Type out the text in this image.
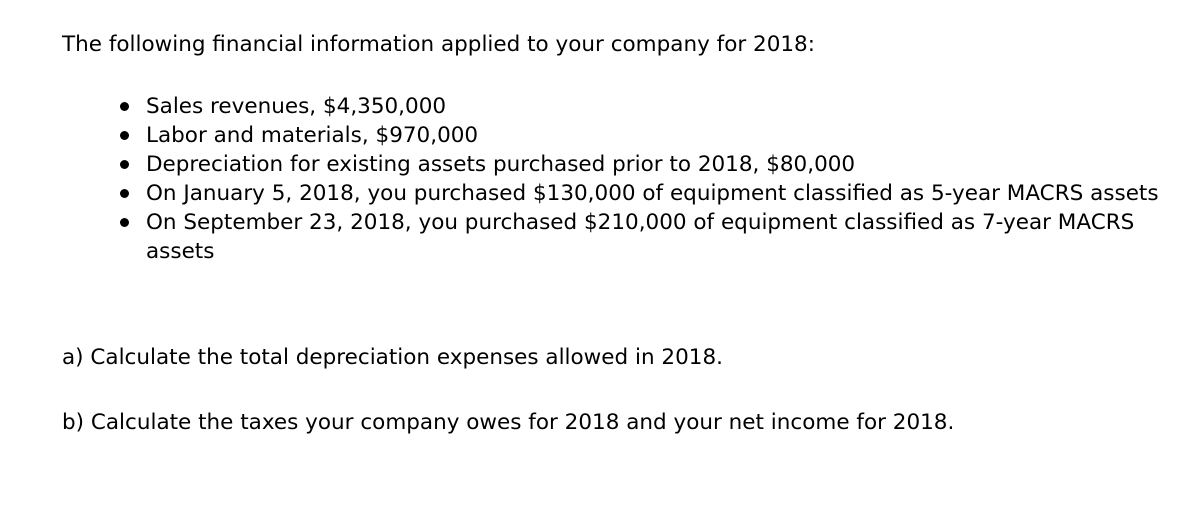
The following financial information applied to your company for 2018:

Sales revenues, $4,350,000
Labor and materials, $970,000
Depreciation for existing assets purchased prior to 2018, $80,000
On January 5, 2018, you purchased $130,000 of equipment classified as 5-year MACRS assets
On September 23, 2018, you purchased $210,000 of equipment classified as 7-year MACRS assets

a) Calculate the total depreciation expenses allowed in 2018.

b) Calculate the taxes your company owes for 2018 and your net income for 2018.
